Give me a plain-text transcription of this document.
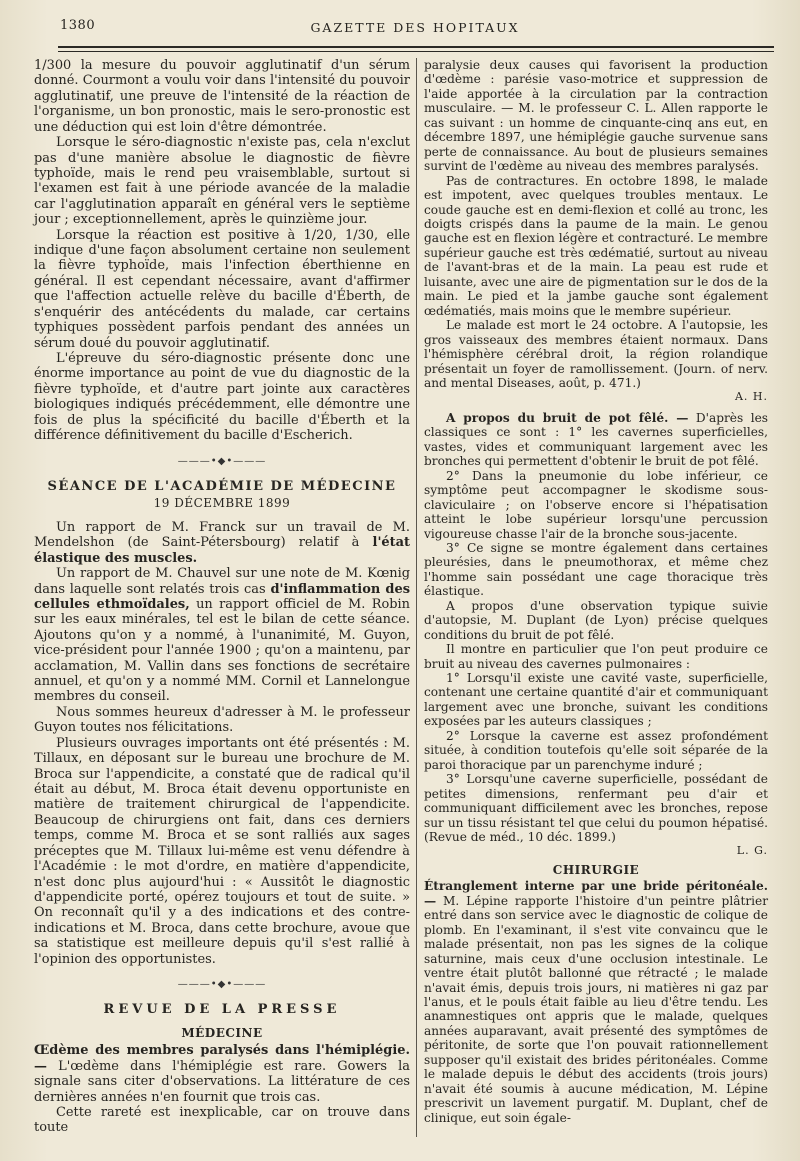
1380	GAZETTE DES HOPITAUX

1/300 la mesure du pouvoir agglutinatif d'un sérum donné. Courmont a voulu voir dans l'intensité du pouvoir agglutinatif, une preuve de l'intensité de la réaction de l'organisme, un bon pronostic, mais le sero-pronostic est une déduction qui est loin d'être démontrée.

Lorsque le séro-diagnostic n'existe pas, cela n'exclut pas d'une manière absolue le diagnostic de fièvre typhoïde, mais le rend peu vraisemblable, surtout si l'examen est fait à une période avancée de la maladie car l'agglutination apparaît en général vers le septième jour ; exceptionnellement, après le quinzième jour.

Lorsque la réaction est positive à 1/20, 1/30, elle indique d'une façon absolument certaine non seulement la fièvre typhoïde, mais l'infection éberthienne en général. Il est cependant nécessaire, avant d'affirmer que l'affection actuelle relève du bacille d'Éberth, de s'enquérir des antécédents du malade, car certains typhiques possèdent parfois pendant des années un sérum doué du pouvoir agglutinatif.

L'épreuve du séro-diagnostic présente donc une énorme importance au point de vue du diagnostic de la fièvre typhoïde, et d'autre part jointe aux caractères biologiques indiqués précédemment, elle démontre une fois de plus la spécificité du bacille d'Éberth et la différence définitivement du bacille d'Escherich.

———•◆•———
SÉANCE DE L'ACADÉMIE DE MÉDECINE
19 DÉCEMBRE 1899

Un rapport de M. Franck sur un travail de M. Mendelshon (de Saint-Pétersbourg) relatif à l'état élastique des muscles.

Un rapport de M. Chauvel sur une note de M. Kœnig dans laquelle sont relatés trois cas d'inflammation des cellules ethmoïdales, un rapport officiel de M. Robin sur les eaux minérales, tel est le bilan de cette séance. Ajoutons qu'on y a nommé, à l'unanimité, M. Guyon, vice-président pour l'année 1900 ; qu'on a maintenu, par acclamation, M. Vallin dans ses fonctions de secrétaire annuel, et qu'on y a nommé MM. Cornil et Lannelongue membres du conseil.

Nous sommes heureux d'adresser à M. le professeur Guyon toutes nos félicitations.

Plusieurs ouvrages importants ont été présentés : M. Tillaux, en déposant sur le bureau une brochure de M. Broca sur l'appendicite, a constaté que de radical qu'il était au début, M. Broca était devenu opportuniste en matière de traitement chirurgical de l'appendicite. Beaucoup de chirurgiens ont fait, dans ces derniers temps, comme M. Broca et se sont ralliés aux sages préceptes que M. Tillaux lui-même est venu défendre à l'Académie : le mot d'ordre, en matière d'appendicite, n'est donc plus aujourd'hui : « Aussitôt le diagnostic d'appendicite porté, opérez toujours et tout de suite. » On reconnaît qu'il y a des indications et des contre-indications et M. Broca, dans cette brochure, avoue que sa statistique est meilleure depuis qu'il s'est rallié à l'opinion des opportunistes.

———•◆•———
REVUE DE LA PRESSE
MÉDECINE

Œdème des membres paralysés dans l'hémiplégie. — L'œdème dans l'hémiplégie est rare. Gowers la signale sans citer d'observations. La littérature de ces dernières années n'en fournit que trois cas.

Cette rareté est inexplicable, car on trouve dans toute

paralysie deux causes qui favorisent la production d'œdème : parésie vaso-motrice et suppression de l'aide apportée à la circulation par la contraction musculaire. — M. le professeur C. L. Allen rapporte le cas suivant : un homme de cinquante-cinq ans eut, en décembre 1897, une hémiplégie gauche survenue sans perte de connaissance. Au bout de plusieurs semaines survint de l'œdème au niveau des membres paralysés.

Pas de contractures. En octobre 1898, le malade est impotent, avec quelques troubles mentaux. Le coude gauche est en demi-flexion et collé au tronc, les doigts crispés dans la paume de la main. Le genou gauche est en flexion légère et contracturé. Le membre supérieur gauche est très œdématié, surtout au niveau de l'avant-bras et de la main. La peau est rude et luisante, avec une aire de pigmentation sur le dos de la main. Le pied et la jambe gauche sont également œdématiés, mais moins que le membre supérieur.

Le malade est mort le 24 octobre. A l'autopsie, les gros vaisseaux des membres étaient normaux. Dans l'hémisphère cérébral droit, la région rolandique présentait un foyer de ramollissement. (Journ. of nerv. and mental Diseases, août, p. 471.)

A. H.

A propos du bruit de pot fêlé. — D'après les classiques ce sont : 1° les cavernes superficielles, vastes, vides et communiquant largement avec les bronches qui permettent d'obtenir le bruit de pot fêlé.

2° Dans la pneumonie du lobe inférieur, ce symptôme peut accompagner le skodisme sous-claviculaire ; on l'observe encore si l'hépatisation atteint le lobe supérieur lorsqu'une percussion vigoureuse chasse l'air de la bronche sous-jacente.

3° Ce signe se montre également dans certaines pleurésies, dans le pneumothorax, et même chez l'homme sain possédant une cage thoracique très élastique.

A propos d'une observation typique suivie d'autopsie, M. Duplant (de Lyon) précise quelques conditions du bruit de pot fêlé.

Il montre en particulier que l'on peut produire ce bruit au niveau des cavernes pulmonaires :

1° Lorsqu'il existe une cavité vaste, superficielle, contenant une certaine quantité d'air et communiquant largement avec une bronche, suivant les conditions exposées par les auteurs classiques ;

2° Lorsque la caverne est assez profondément située, à condition toutefois qu'elle soit séparée de la paroi thoracique par un parenchyme induré ;

3° Lorsqu'une caverne superficielle, possédant de petites dimensions, renfermant peu d'air et communiquant difficilement avec les bronches, repose sur un tissu résistant tel que celui du poumon hépatisé. (Revue de méd., 10 déc. 1899.)

L. G.
CHIRURGIE

Étranglement interne par une bride péritonéale. — M. Lépine rapporte l'histoire d'un peintre plâtrier entré dans son service avec le diagnostic de colique de plomb. En l'examinant, il s'est vite convaincu que le malade présentait, non pas les signes de la colique saturnine, mais ceux d'une occlusion intestinale. Le ventre était plutôt ballonné que rétracté ; le malade n'avait émis, depuis trois jours, ni matières ni gaz par l'anus, et le pouls était faible au lieu d'être tendu. Les anamnestiques ont appris que le malade, quelques années auparavant, avait présenté des symptômes de péritonite, de sorte que l'on pouvait rationnellement supposer qu'il existait des brides péritonéales. Comme le malade depuis le début des accidents (trois jours) n'avait été soumis à aucune médication, M. Lépine prescrivit un lavement purgatif. M. Duplant, chef de clinique, eut soin égale-
